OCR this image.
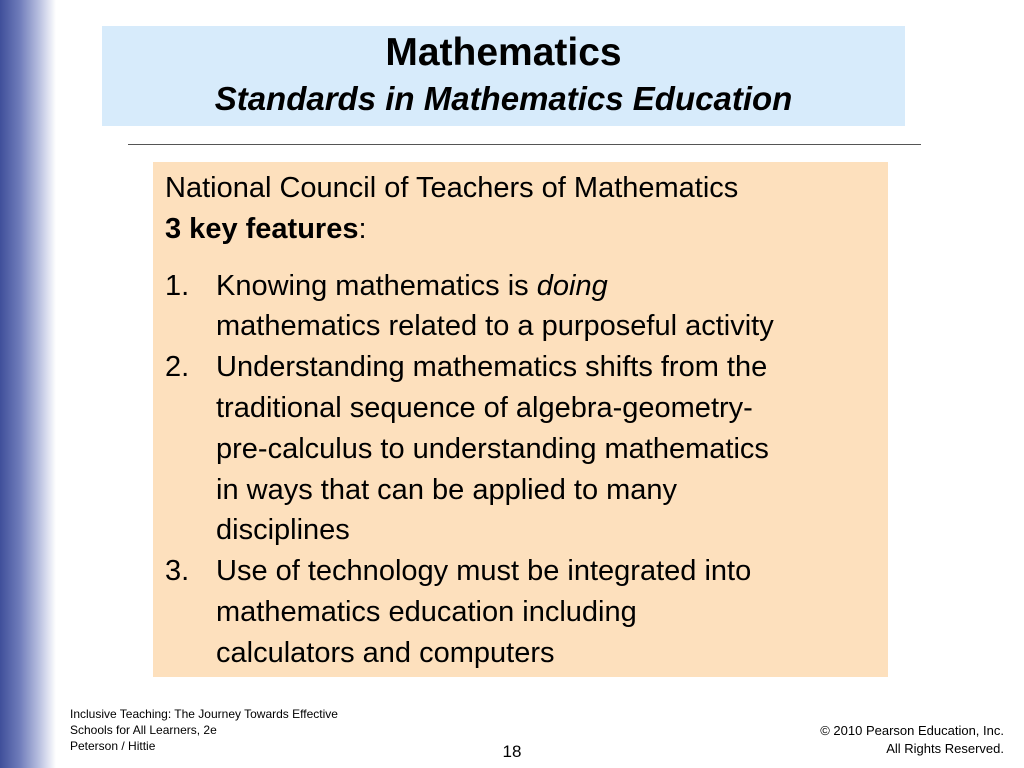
Mathematics
Standards in Mathematics Education
National Council of Teachers of Mathematics
3 key features:
1. Knowing mathematics is doing
mathematics related to a purposeful activity
2. Understanding mathematics shifts from the
traditional sequence of algebra-geometry-
pre-calculus to understanding mathematics
in ways that can be applied to many
disciplines
3. Use of technology must be integrated into
mathematics education including
calculators and computers
Inclusive Teaching: The Journey Towards Effective
Schools for All Learners, 2e
Peterson / Hittie	18
© 2010 Pearson Education, Inc.
All Rights Reserved.
